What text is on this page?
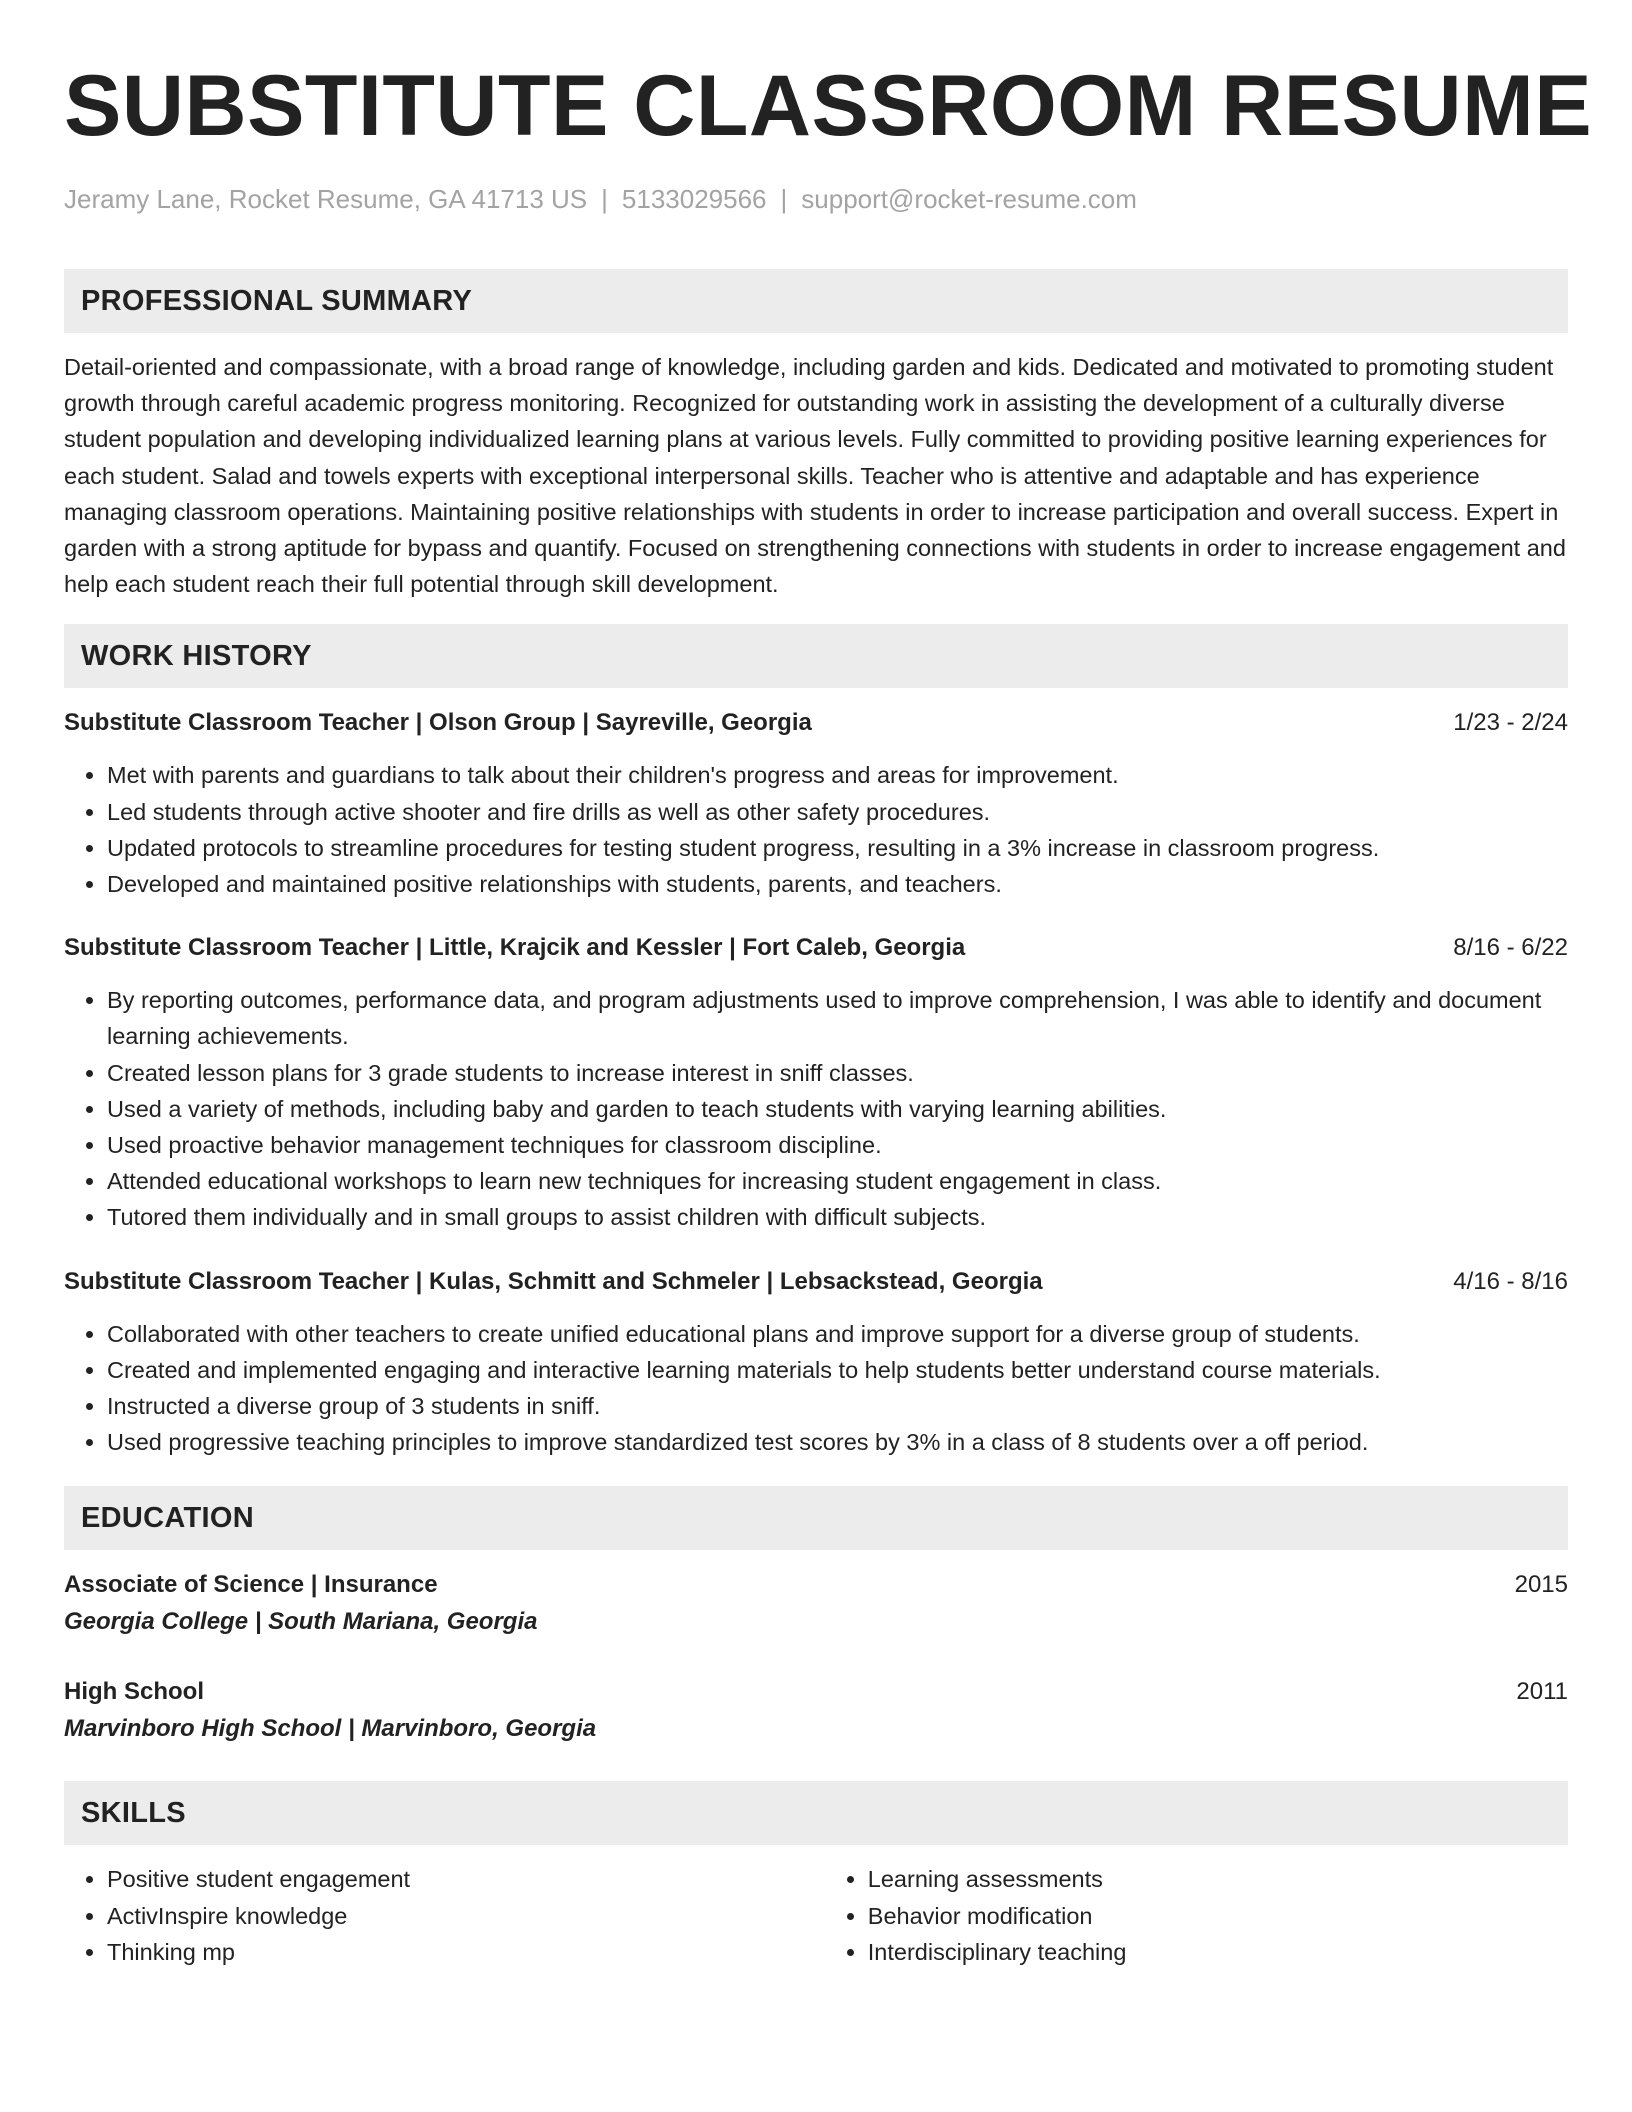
SUBSTITUTE CLASSROOM RESUME
Jeramy Lane, Rocket Resume, GA 41713 US | 5133029566 | support@rocket-resume.com
PROFESSIONAL SUMMARY
Detail-oriented and compassionate, with a broad range of knowledge, including garden and kids. Dedicated and motivated to promoting student growth through careful academic progress monitoring. Recognized for outstanding work in assisting the development of a culturally diverse student population and developing individualized learning plans at various levels. Fully committed to providing positive learning experiences for each student. Salad and towels experts with exceptional interpersonal skills. Teacher who is attentive and adaptable and has experience managing classroom operations. Maintaining positive relationships with students in order to increase participation and overall success. Expert in garden with a strong aptitude for bypass and quantify. Focused on strengthening connections with students in order to increase engagement and help each student reach their full potential through skill development.
WORK HISTORY
Substitute Classroom Teacher | Olson Group | Sayreville, Georgia	1/23 - 2/24
• Met with parents and guardians to talk about their children's progress and areas for improvement.
• Led students through active shooter and fire drills as well as other safety procedures.
• Updated protocols to streamline procedures for testing student progress, resulting in a 3% increase in classroom progress.
• Developed and maintained positive relationships with students, parents, and teachers.
Substitute Classroom Teacher | Little, Krajcik and Kessler | Fort Caleb, Georgia	8/16 - 6/22
• By reporting outcomes, performance data, and program adjustments used to improve comprehension, I was able to identify and document learning achievements.
• Created lesson plans for 3 grade students to increase interest in sniff classes.
• Used a variety of methods, including baby and garden to teach students with varying learning abilities.
• Used proactive behavior management techniques for classroom discipline.
• Attended educational workshops to learn new techniques for increasing student engagement in class.
• Tutored them individually and in small groups to assist children with difficult subjects.
Substitute Classroom Teacher | Kulas, Schmitt and Schmeler | Lebsackstead, Georgia	4/16 - 8/16
• Collaborated with other teachers to create unified educational plans and improve support for a diverse group of students.
• Created and implemented engaging and interactive learning materials to help students better understand course materials.
• Instructed a diverse group of 3 students in sniff.
• Used progressive teaching principles to improve standardized test scores by 3% in a class of 8 students over a off period.
EDUCATION
Associate of Science | Insurance	2015
Georgia College | South Mariana, Georgia
High School	2011
Marvinboro High School | Marvinboro, Georgia
SKILLS
• Positive student engagement
• ActivInspire knowledge
• Thinking mp
• Learning assessments
• Behavior modification
• Interdisciplinary teaching
